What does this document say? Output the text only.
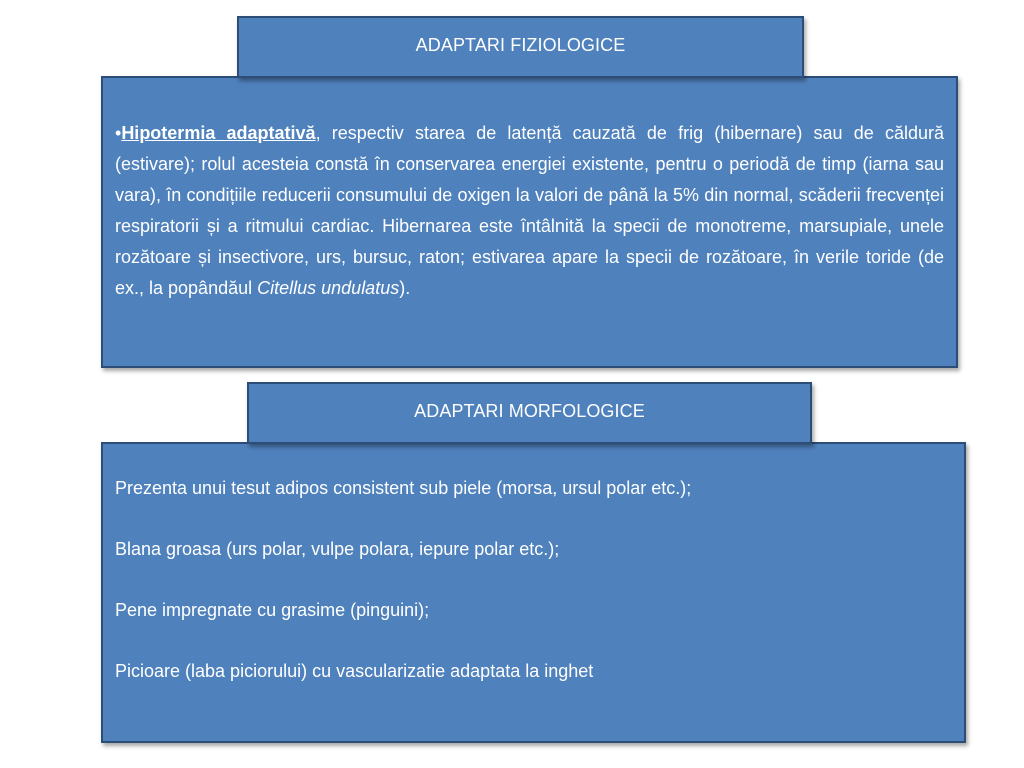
ADAPTARI FIZIOLOGICE

•Hipotermia adaptativă, respectiv starea de latență cauzată de frig (hibernare) sau de căldură (estivare); rolul acesteia constă în conservarea energiei existente, pentru o periodă de timp (iarna sau vara), în condițiile reducerii consumului de oxigen la valori de până la 5% din normal, scăderii frecvenței respiratorii și a ritmului cardiac. Hibernarea este întâlnită la specii de monotreme, marsupiale, unele rozătoare și insectivore, urs, bursuc, raton; estivarea apare la specii de rozătoare, în verile toride (de ex., la popândăul Citellus undulatus).

ADAPTARI MORFOLOGICE
Prezenta unui tesut adipos consistent sub piele (morsa, ursul polar etc.);
Blana groasa (urs polar, vulpe polara, iepure polar etc.);
Pene impregnate cu grasime (pinguini);
Picioare (laba piciorului) cu vascularizatie adaptata la inghet
